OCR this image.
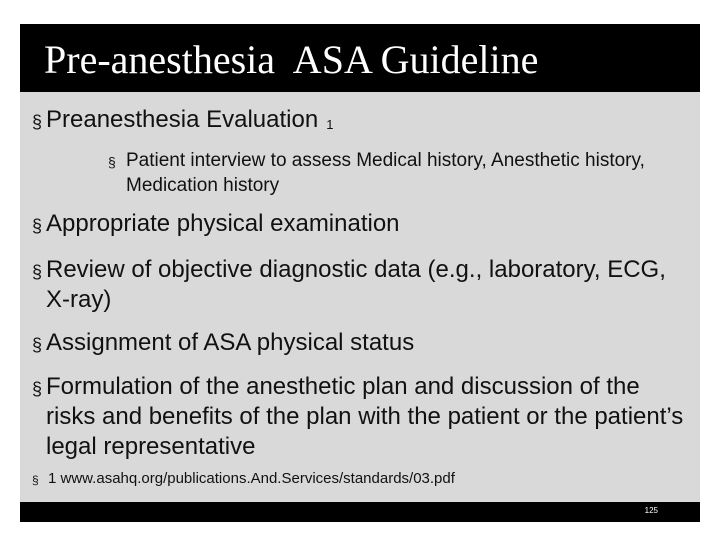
Pre-anesthesia  ASA Guideline
§ Preanesthesia Evaluation 1
§ Patient interview to assess Medical history, Anesthetic history, Medication history
§ Appropriate physical examination
§ Review of objective diagnostic data (e.g., laboratory, ECG, X-ray)
§ Assignment of ASA physical status
§ Formulation of the anesthetic plan and discussion of the risks and benefits of the plan with the patient or the patient’s legal representative
§ 1 www.asahq.org/publications.And.Services/standards/03.pdf
125
